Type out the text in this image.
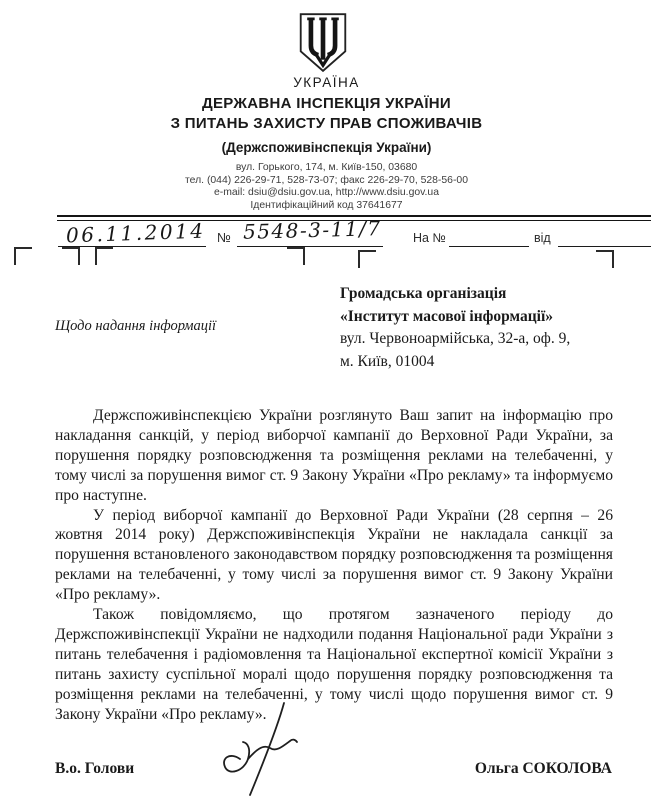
УКРАЇНА
ДЕРЖАВНА ІНСПЕКЦІЯ УКРАЇНИ
З ПИТАНЬ ЗАХИСТУ ПРАВ СПОЖИВАЧІВ
(Держспоживінспекція України)
вул. Горького, 174, м. Київ-150, 03680
тел. (044) 226-29-71, 528-73-07; факс 226-29-70, 528-56-00
e-mail: dsiu@dsiu.gov.ua, http://www.dsiu.gov.ua
Ідентифікаційний код 37641677
06.11.2014 № 5548-3-11/7 На №	від
Громадська організація
«Інститут масової інформації»
вул. Червоноармійська, 32-а, оф. 9,
м. Київ, 01004
Щодо надання інформації

Держспоживінспекцією України розглянуто Ваш запит на інформацію про накладання санкцій, у період виборчої кампанії до Верховної Ради України, за порушення порядку розповсюдження та розміщення реклами на телебаченні, у тому числі за порушення вимог ст. 9 Закону України «Про рекламу» та інформуємо про наступне.

У період виборчої кампанії до Верховної Ради України (28 серпня – 26 жовтня 2014 року) Держспоживінспекція України не накладала санкції за порушення встановленого законодавством порядку розповсюдження та розміщення реклами на телебаченні, у тому числі за порушення вимог ст. 9 Закону України «Про рекламу».

Також повідомляємо, що протягом зазначеного періоду до Держспоживінспекції України не надходили подання Національної ради України з питань телебачення і радіомовлення та Національної експертної комісії України з питань захисту суспільної моралі щодо порушення порядку розповсюдження та розміщення реклами на телебаченні, у тому числі щодо порушення вимог ст. 9 Закону України «Про рекламу».

В.о. Голови	Ольга СОКОЛОВА
